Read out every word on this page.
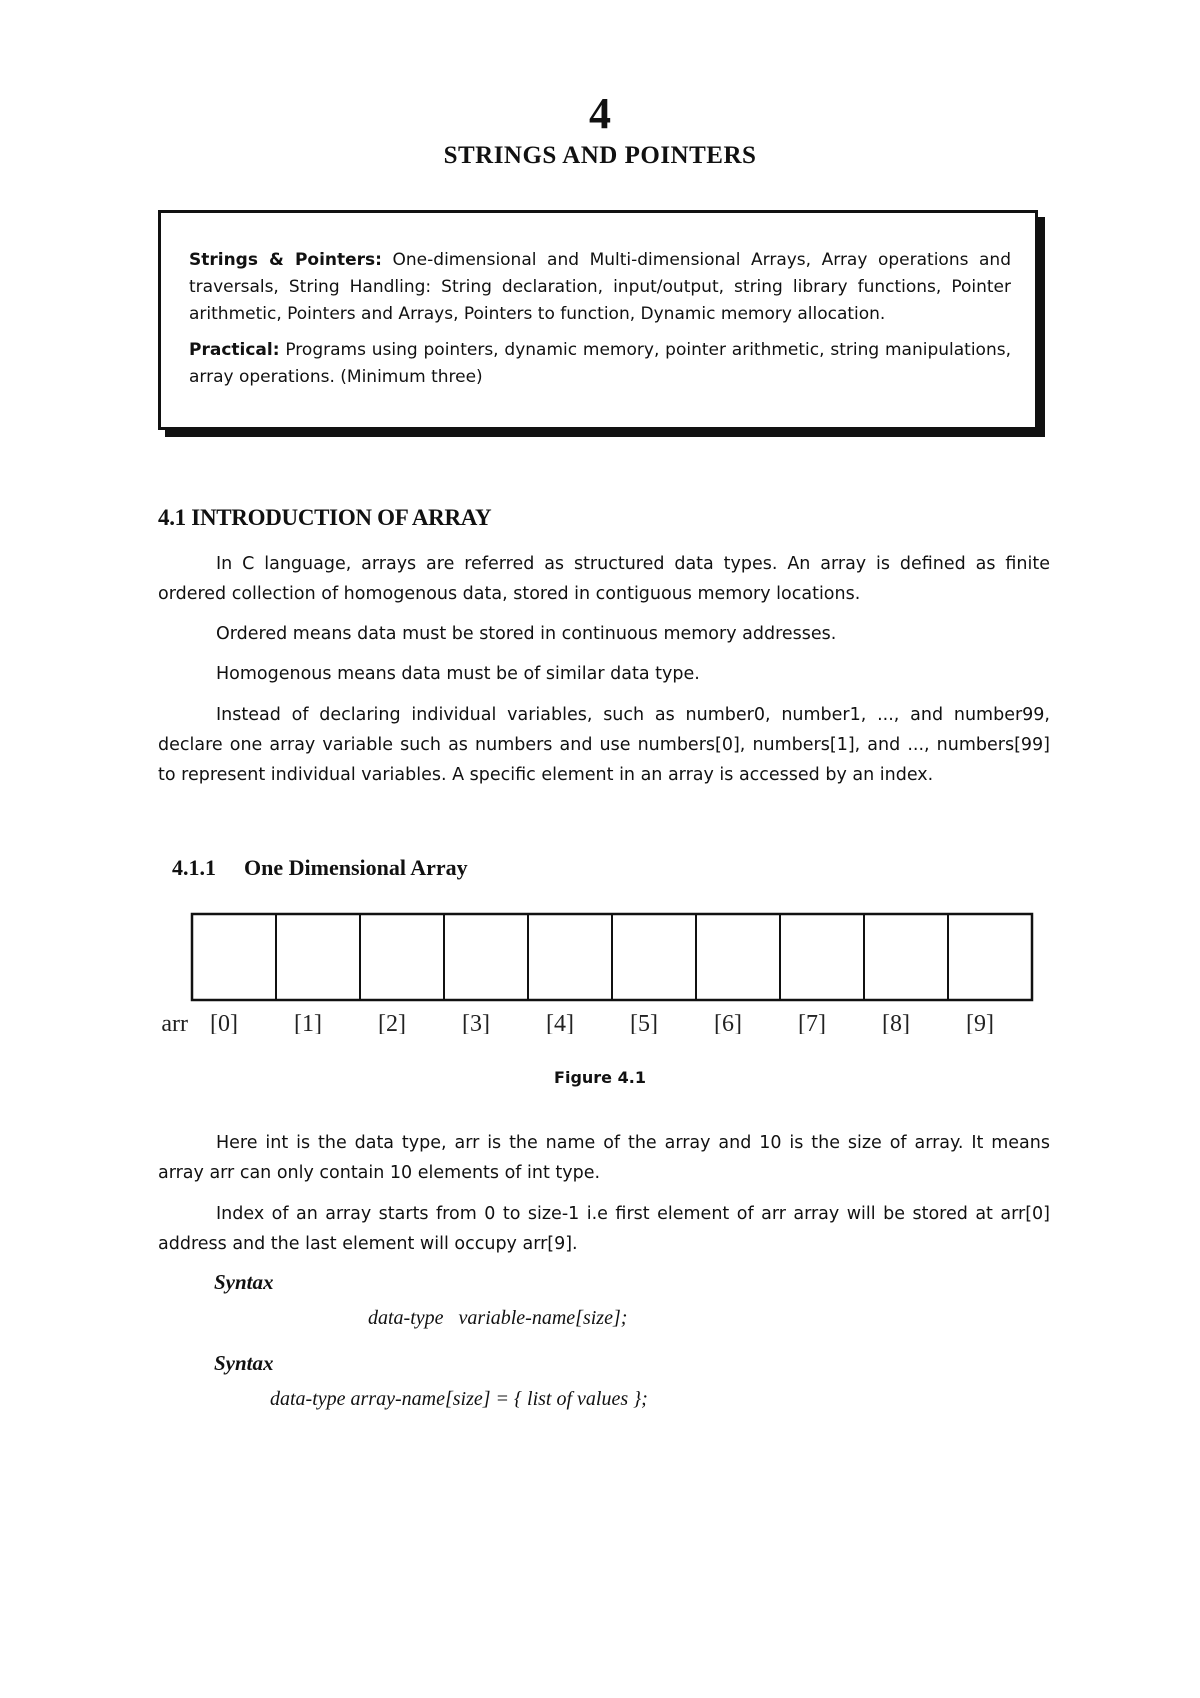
4
STRINGS AND POINTERS

Strings & Pointers: One-dimensional and Multi-dimensional Arrays, Array operations and traversals, String Handling: String declaration, input/output, string library functions, Pointer arithmetic, Pointers and Arrays, Pointers to function, Dynamic memory allocation.

Practical: Programs using pointers, dynamic memory, pointer arithmetic, string manipulations, array operations. (Minimum three)

4.1 INTRODUCTION OF ARRAY

In C language, arrays are referred as structured data types. An array is defined as finite ordered collection of homogenous data, stored in contiguous memory locations.

Ordered means data must be stored in continuous memory addresses.

Homogenous means data must be of similar data type.

Instead of declaring individual variables, such as number0, number1, ..., and number99, declare one array variable such as numbers and use numbers[0], numbers[1], and ..., numbers[99] to represent individual variables. A specific element in an array is accessed by an index.

4.1.1 One Dimensional Array
arr [0] [1] [2] [3] [4] [5] [6] [7] [8] [9]
Figure 4.1

Here int is the data type, arr is the name of the array and 10 is the size of array. It means array arr can only contain 10 elements of int type.

Index of an array starts from 0 to size-1 i.e first element of arr array will be stored at arr[0] address and the last element will occupy arr[9].

Syntax
data-type   variable-name[size];
Syntax
data-type array-name[size] = { list of values };
